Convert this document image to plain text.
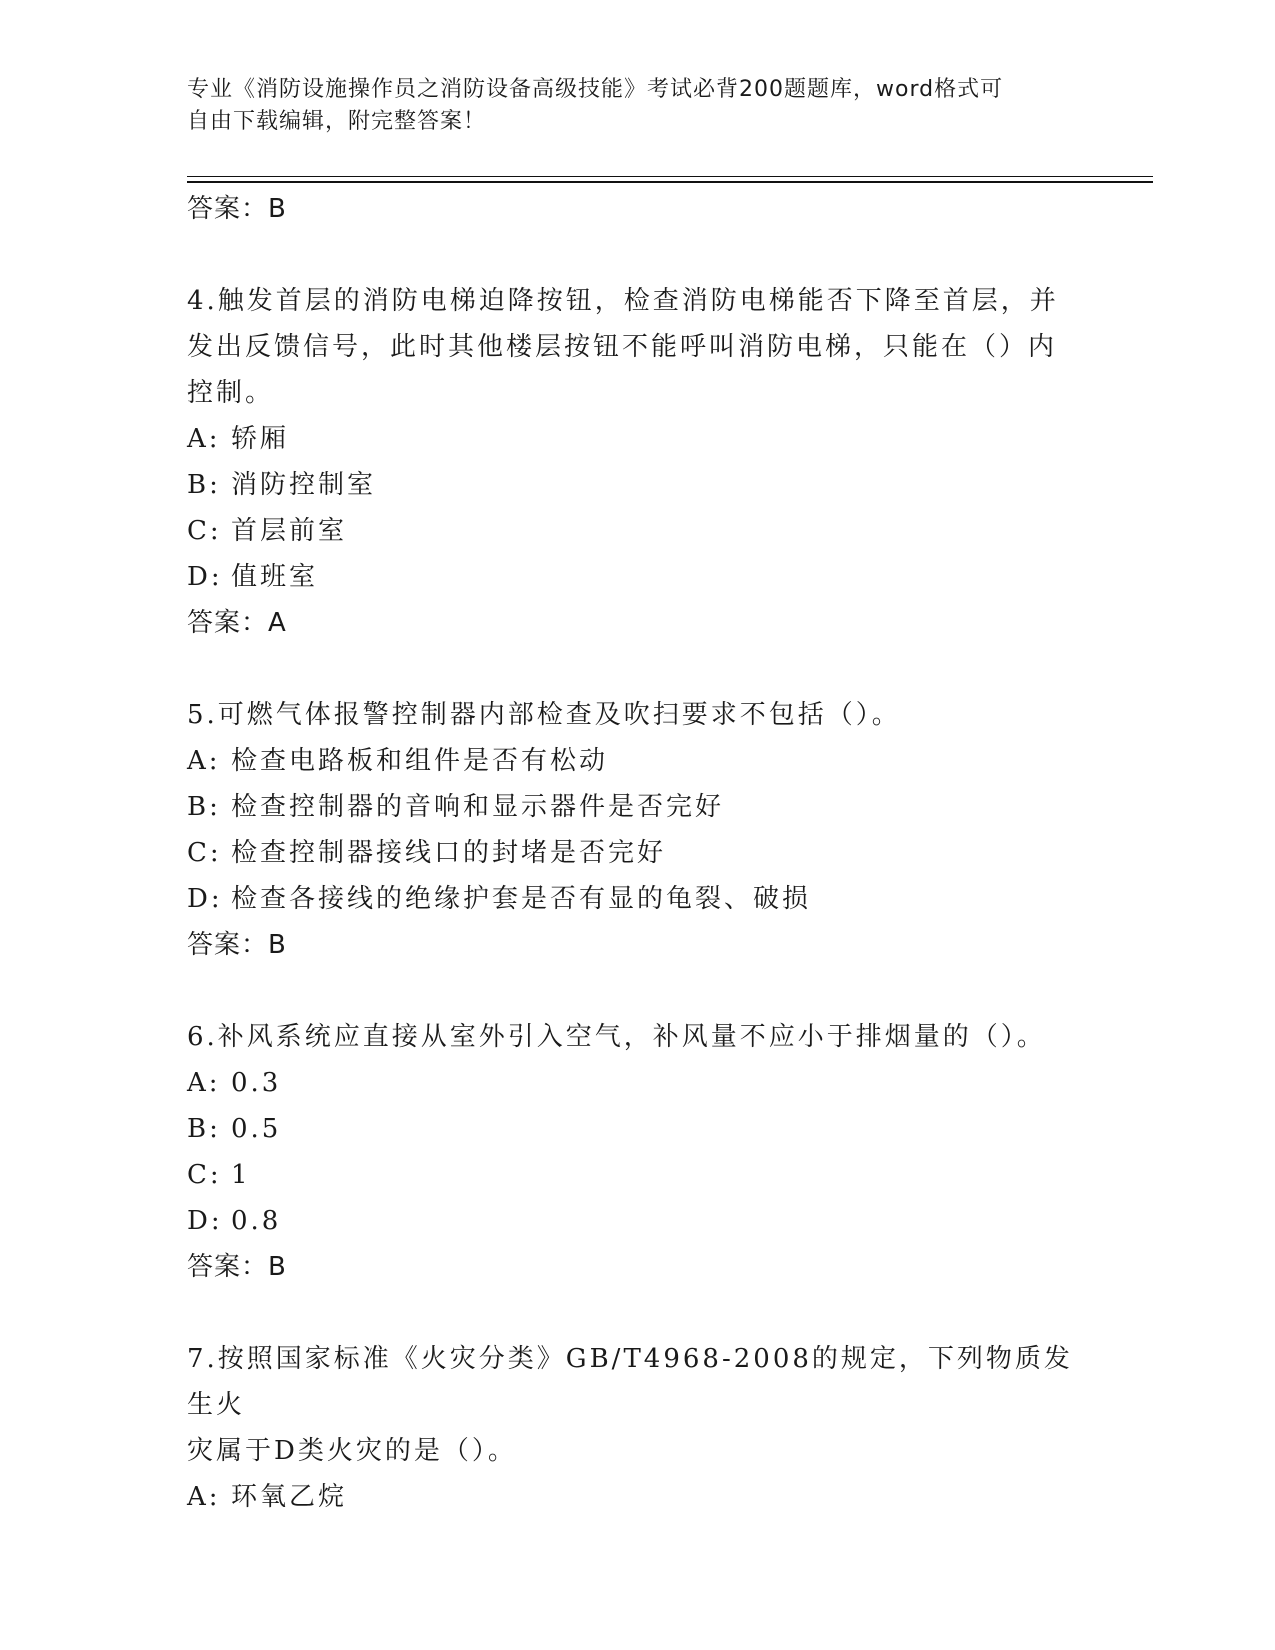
专业《消防设施操作员之消防设备高级技能》考试必背200题题库，word格式可
自由下载编辑，附完整答案！
答案：B
4.触发首层的消防电梯迫降按钮，检查消防电梯能否下降至首层，并
发出反馈信号，此时其他楼层按钮不能呼叫消防电梯，只能在（）内
控制。
A: 轿厢
B: 消防控制室
C: 首层前室
D: 值班室
答案：A
5.可燃气体报警控制器内部检查及吹扫要求不包括（）。
A: 检查电路板和组件是否有松动
B: 检查控制器的音响和显示器件是否完好
C: 检查控制器接线口的封堵是否完好
D: 检查各接线的绝缘护套是否有显的龟裂、破损
答案：B
6.补风系统应直接从室外引入空气，补风量不应小于排烟量的（）。
A: 0.3
B: 0.5
C: 1
D: 0.8
答案：B
7.按照国家标准《火灾分类》GB/T4968-2008的规定，下列物质发生火
灾属于D类火灾的是（）。
A: 环氧乙烷
